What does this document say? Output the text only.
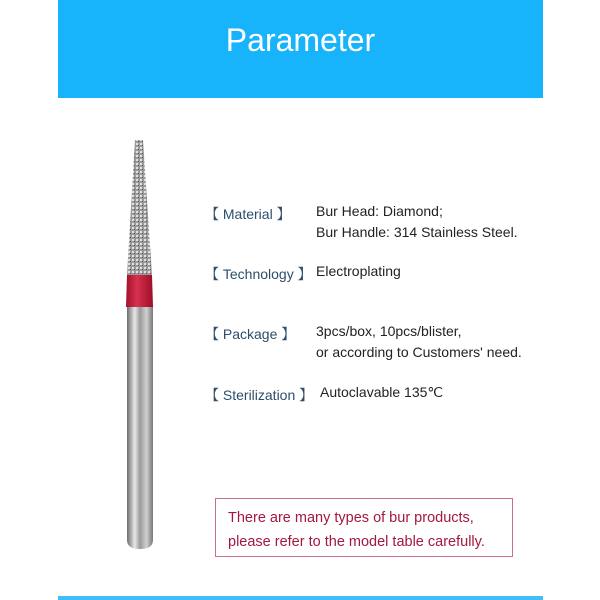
Parameter
【 Material 】 Bur Head: Diamond;
Bur Handle: 314 Stainless Steel.
【 Technology 】 Electroplating
【 Package 】 3pcs/box, 10pcs/blister,
or according to Customers' need.
【 Sterilization 】 Autoclavable 135℃
There are many types of bur products,
please refer to the model table carefully.
